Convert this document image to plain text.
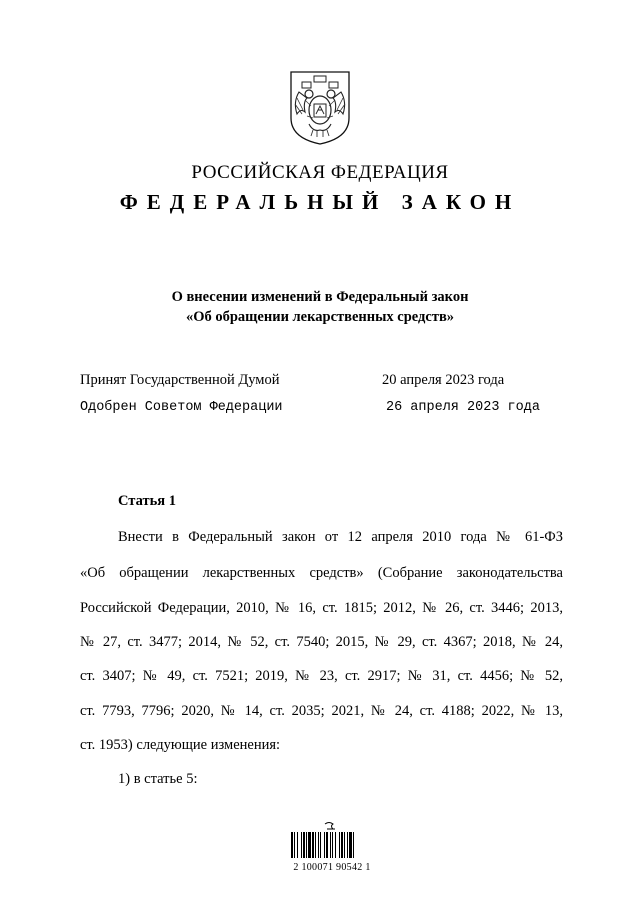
РОССИЙСКАЯ ФЕДЕРАЦИЯ
ФЕДЕРАЛЬНЫЙ ЗАКОН
О внесении изменений в Федеральный закон
«Об обращении лекарственных средств»
Принят Государственной Думой	20 апреля 2023 года
Одобрен Советом Федерации	26 апреля 2023 года
Статья 1
Внести в Федеральный закон от 12 апреля 2010 года № 61-ФЗ
«Об обращении лекарственных средств» (Собрание законодательства
Российской Федерации, 2010, № 16, ст. 1815; 2012, № 26, ст. 3446; 2013,
№ 27, ст. 3477; 2014, № 52, ст. 7540; 2015, № 29, ст. 4367; 2018, № 24,
ст. 3407; № 49, ст. 7521; 2019, № 23, ст. 2917; № 31, ст. 4456; № 52,
ст. 7793, 7796; 2020, № 14, ст. 2035; 2021, № 24, ст. 4188; 2022, № 13,
ст. 1953) следующие изменения:
1) в статье 5:
2 100071 90542 1
